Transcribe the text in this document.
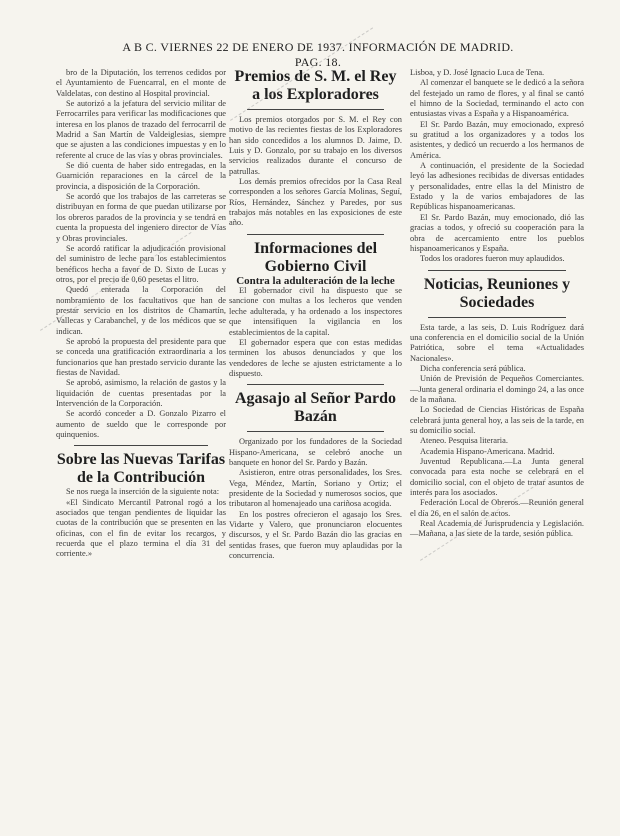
A B C. VIERNES 22 DE ENERO DE 1937. INFORMACIÓN DE MADRID. PAG. 18.

bro de la Diputación, los terrenos cedidos por el Ayuntamiento de Fuencarral, en el monte de Valdelatas, con destino al Hospital provincial.

Se autorizó a la jefatura del servicio militar de Ferrocarriles para verificar las modificaciones que interesa en los planos de trazado del ferrocarril de Madrid a San Martín de Valdeiglesias, siempre que se ajusten a las condiciones impuestas y en lo referente al cruce de las vías y obras provinciales.

Se dió cuenta de haber sido entregadas, en la Guarnición reparaciones en la cárcel de la provincia, a disposición de la Corporación.

Se acordó que los trabajos de las carreteras se distribuyan en forma de que puedan utilizarse por los obreros parados de la provincia y se tendrá en cuenta la propuesta del ingeniero director de Vías y Obras provinciales.

Se acordó ratificar la adjudicación provisional del suministro de leche para los establecimientos benéficos hecha a favor de D. Sixto de Lucas y otros, por el precio de 0,60 pesetas el litro.

Quedó enterada la Corporación del nombramiento de los facultativos que han de prestar servicio en los distritos de Chamartín, Vallecas y Carabanchel, y de los médicos que se indican.

Se aprobó la propuesta del presidente para que se conceda una gratificación extraordinaria a los funcionarios que han prestado servicio durante las fiestas de Navidad.

Se aprobó, asimismo, la relación de gastos y la liquidación de cuentas presentadas por la Intervención de la Corporación.

Se acordó conceder a D. Gonzalo Pizarro el aumento de sueldo que le corresponde por quinquenios.

Sobre las Nuevas Tarifas de la Contribución

Se nos ruega la inserción de la siguiente nota:

«El Sindicato Mercantil Patronal rogó a los asociados que tengan pendientes de liquidar las cuotas de la contribución que se presenten en las oficinas, con el fin de evitar los recargos, y recuerda que el plazo termina el día 31 del corriente.»

Premios de S. M. el Rey a los Exploradores

Los premios otorgados por S. M. el Rey con motivo de las recientes fiestas de los Exploradores han sido concedidos a los alumnos D. Jaime, D. Luis y D. Gonzalo, por su trabajo en los diversos servicios realizados durante el concurso de patrullas.

Los demás premios ofrecidos por la Casa Real corresponden a los señores García Molinas, Seguí, Ríos, Hernández, Sánchez y Paredes, por sus trabajos más notables en las exposiciones de este año.

Informaciones del Gobierno Civil

Contra la adulteración de la leche

El gobernador civil ha dispuesto que se sancione con multas a los lecheros que venden leche adulterada, y ha ordenado a los inspectores que intensifiquen la vigilancia en los establecimientos de la capital.

El gobernador espera que con estas medidas terminen los abusos denunciados y que los vendedores de leche se ajusten estrictamente a lo dispuesto.

Agasajo al Señor Pardo Bazán

Organizado por los fundadores de la Sociedad Hispano-Americana, se celebró anoche un banquete en honor del Sr. Pardo y Bazán.

Asistieron, entre otras personalidades, los Sres. Vega, Méndez, Martín, Soriano y Ortiz; el presidente de la Sociedad y numerosos socios, que tributaron al homenajeado una cariñosa acogida.

En los postres ofrecieron el agasajo los Sres. Vidarte y Valero, que pronunciaron elocuentes discursos, y el Sr. Pardo Bazán dio las gracias en sentidas frases, que fueron muy aplaudidas por la concurrencia.

Lisboa, y D. José Ignacio Luca de Tena.

Al comenzar el banquete se le dedicó a la señora del festejado un ramo de flores, y al final se cantó el himno de la Sociedad, terminando el acto con entusiastas vivas a España y a Hispanoamérica.

El Sr. Pardo Bazán, muy emocionado, expresó su gratitud a los organizadores y a todos los asistentes, y dedicó un recuerdo a los hermanos de América.

A continuación, el presidente de la Sociedad leyó las adhesiones recibidas de diversas entidades y personalidades, entre ellas la del Ministro de Estado y la de varios embajadores de las Repúblicas hispanoamericanas.

El Sr. Pardo Bazán, muy emocionado, dió las gracias a todos, y ofreció su cooperación para la obra de acercamiento entre los pueblos hispanoamericanos y España.

Todos los oradores fueron muy aplaudidos.

Noticias, Reuniones y Sociedades

Esta tarde, a las seis, D. Luis Rodríguez dará una conferencia en el domicilio social de la Unión Patriótica, sobre el tema «Actualidades Nacionales».

Dicha conferencia será pública.

Unión de Previsión de Pequeños Comerciantes.—Junta general ordinaria el domingo 24, a las once de la mañana.

Lo Sociedad de Ciencias Históricas de España celebrará junta general hoy, a las seis de la tarde, en su domicilio social.

Ateneo. Pesquisa literaria.

Academia Hispano-Americana. Madrid.

Juventud Republicana.—La Junta general convocada para esta noche se celebrará en el domicilio social, con el objeto de tratar asuntos de interés para los asociados.

Federación Local de Obreros.—Reunión general el día 26, en el salón de actos.

Real Academia de Jurisprudencia y Legislación.—Mañana, a las siete de la tarde, sesión pública.
